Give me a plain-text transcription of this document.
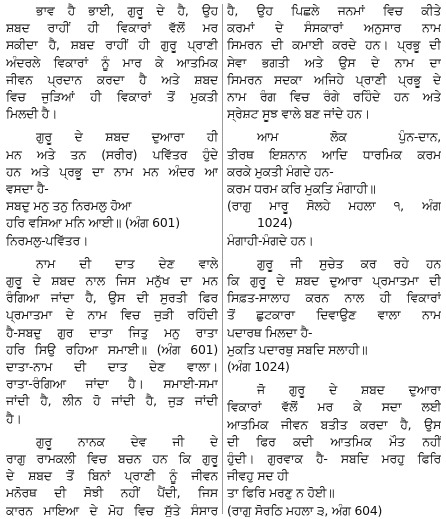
ਭਾਵ ਹੈ ਭਾਈ, ਗੁਰੂ ਦੇ ਹੈ, ਉਹ
ਸ਼ਬਦ ਰਾਹੀਂ ਹੀ ਵਿਕਾਰਾਂ ਵੱਲੋਂ ਮਰ
ਸਕੀਦਾ ਹੈ, ਸ਼ਬਦ ਰਾਹੀਂ ਹੀ ਗੁਰੂ ਪ੍ਰਾਣੀ
ਅੰਦਰਲੇ ਵਿਕਾਰਾਂ ਨੂੰ ਮਾਰ ਕੇ ਆਤਮਿਕ
ਜੀਵਨ ਪ੍ਰਦਾਨ ਕਰਦਾ ਹੈ ਅਤੇ ਸ਼ਬਦ
ਵਿਚ ਜੁੜਿਆਂ ਹੀ ਵਿਕਾਰਾਂ ਤੋਂ ਮੁਕਤੀ
ਮਿਲਦੀ ਹੈ।
ਗੁਰੂ ਦੇ ਸ਼ਬਦ ਦੁਆਰਾ ਹੀ
ਮਨ ਅਤੇ ਤਨ (ਸਰੀਰ) ਪਵਿੱਤਰ ਹੁੰਦੇ
ਹਨ ਅਤੇ ਪ੍ਰਭੂ ਦਾ ਨਾਮ ਮਨ ਅੰਦਰ ਆ
ਵਸਦਾ ਹੈ-
ਸਬਦੁ ਮਨੁ ਤਨੁ ਨਿਰਮਲੁ ਹੋਆ
ਹਰਿ ਵਸਿਆ ਮਨਿ ਆਈ॥ (ਅੰਗ 601)
ਨਿਰਮਲੁ-ਪਵਿੱਤਰ।
ਨਾਮ ਦੀ ਦਾਤ ਦੇਣ ਵਾਲੇ
ਗੁਰੂ ਦੇ ਸ਼ਬਦ ਨਾਲ ਜਿਸ ਮਨੁੱਖ ਦਾ ਮਨ
ਰੰਗਿਆ ਜਾਂਦਾ ਹੈ, ਉਸ ਦੀ ਸੁਰਤੀ ਫਿਰ
ਪ੍ਰਮਾਤਮਾ ਦੇ ਨਾਮ ਵਿਚ ਜੁੜੀ ਰਹਿੰਦੀ
ਹੈ-ਸਬਦੁ ਗੁਰ ਦਾਤਾ ਜਿਤੁ ਮਨੁ ਰਾਤਾ
ਹਰਿ ਸਿਉ ਰਹਿਆ ਸਮਾਈ॥ (ਅੰਗ 601)
ਦਾਤਾ-ਨਾਮ ਦੀ ਦਾਤ ਦੇਣ ਵਾਲਾ।
ਰਾਤਾ-ਰੰਗਿਆ ਜਾਂਦਾ ਹੈ। ਸਮਾਈ-ਸਮਾ
ਜਾਂਦੀ ਹੈ, ਲੀਨ ਹੋ ਜਾਂਦੀ ਹੈ, ਜੁੜ ਜਾਂਦੀ
ਹੈ।
ਗੁਰੂ ਨਾਨਕ ਦੇਵ ਜੀ ਦੇ
ਰਾਗੁ ਰਾਮਕਲੀ ਵਿਚ ਬਚਨ ਹਨ ਕਿ ਗੁਰੂ
ਦੇ ਸ਼ਬਦ ਤੋਂ ਬਿਨਾਂ ਪ੍ਰਾਣੀ ਨੂੰ ਜੀਵਨ
ਮਨੋਰਥ ਦੀ ਸੋਝੀ ਨਹੀਂ ਪੈਂਦੀ, ਜਿਸ
ਕਾਰਨ ਮਾਇਆ ਦੇ ਮੋਹ ਵਿਚ ਸੁੱਤੇ ਸੰਸਾਰ
ਹੈ, ਉਹ ਪਿਛਲੇ ਜਨਮਾਂ ਵਿਚ ਕੀਤੇ
ਕਰਮਾਂ ਦੇ ਸੰਸਕਾਰਾਂ ਅਨੁਸਾਰ ਨਾਮ
ਸਿਮਰਨ ਦੀ ਕਮਾਈ ਕਰਦੇ ਹਨ। ਪ੍ਰਭੂ ਦੀ
ਸੇਵਾ ਭਗਤੀ ਅਤੇ ਉਸ ਦੇ ਨਾਮ ਦਾ
ਸਿਮਰਨ ਸਦਕਾ ਅਜਿਹੇ ਪ੍ਰਾਣੀ ਪ੍ਰਭੂ ਦੇ
ਨਾਮ ਰੰਗ ਵਿਚ ਰੰਗੇ ਰਹਿੰਦੇ ਹਨ ਅਤੇ
ਸ੍ਰੇਸ਼ਟ ਸੂਝ ਵਾਲੇ ਬਣ ਜਾਂਦੇ ਹਨ।
ਆਮ ਲੋਕ ਪੁੰਨ-ਦਾਨ,
ਤੀਰਥ ਇਸ਼ਨਾਨ ਆਦਿ ਧਾਰਮਿਕ ਕਰਮ
ਕਰਕੇ ਮੁਕਤੀ ਮੰਗਦੇ ਹਨ-
ਕਰਮ ਧਰਮ ਕਰਿ ਮੁਕਤਿ ਮੰਗਾਹੀ॥
(ਰਾਗੁ ਮਾਰੂ ਸੋਲਹੇ ਮਹਲਾ ੧, ਅੰਗ
1024)
ਮੰਗਾਹੀ-ਮੰਗਦੇ ਹਨ।
ਗੁਰੂ ਜੀ ਸੁਚੇਤ ਕਰ ਰਹੇ ਹਨ
ਕਿ ਗੁਰੂ ਦੇ ਸ਼ਬਦ ਦੁਆਰਾ ਪ੍ਰਮਾਤਮਾ ਦੀ
ਸਿਫ਼ਤ-ਸਾਲਾਹ ਕਰਨ ਨਾਲ ਹੀ ਵਿਕਾਰਾਂ
ਤੋਂ ਛੁਟਕਾਰਾ ਦਿਵਾਉਣ ਵਾਲਾ ਨਾਮ
ਪਦਾਰਥ ਮਿਲਦਾ ਹੈ-
ਮੁਕਤਿ ਪਦਾਰਥੁ ਸਬਦਿ ਸਲਾਹੀ॥
(ਅੰਗ 1024)
ਜੋ ਗੁਰੂ ਦੇ ਸ਼ਬਦ ਦੁਆਰਾ
ਵਿਕਾਰਾਂ ਵੱਲੋਂ ਮਰ ਕੇ ਸਦਾ ਲਈ
ਆਤਮਿਕ ਜੀਵਨ ਬਤੀਤ ਕਰਦਾ ਹੈ, ਉਸ
ਦੀ ਫਿਰ ਕਦੀ ਆਤਮਿਕ ਮੌਤ ਨਹੀਂ
ਹੁੰਦੀ। ਗੁਰਵਾਕ ਹੈ- ਸਬਦਿ ਮਰਹੁ ਫਿਰਿ
ਜੀਵਹੁ ਸਦ ਹੀ
ਤਾ ਫਿਰਿ ਮਰਣੁ ਨ ਹੋਈ॥
(ਰਾਗੁ ਸੋਰਠਿ ਮਹਲਾ ੩, ਅੰਗ 604)
